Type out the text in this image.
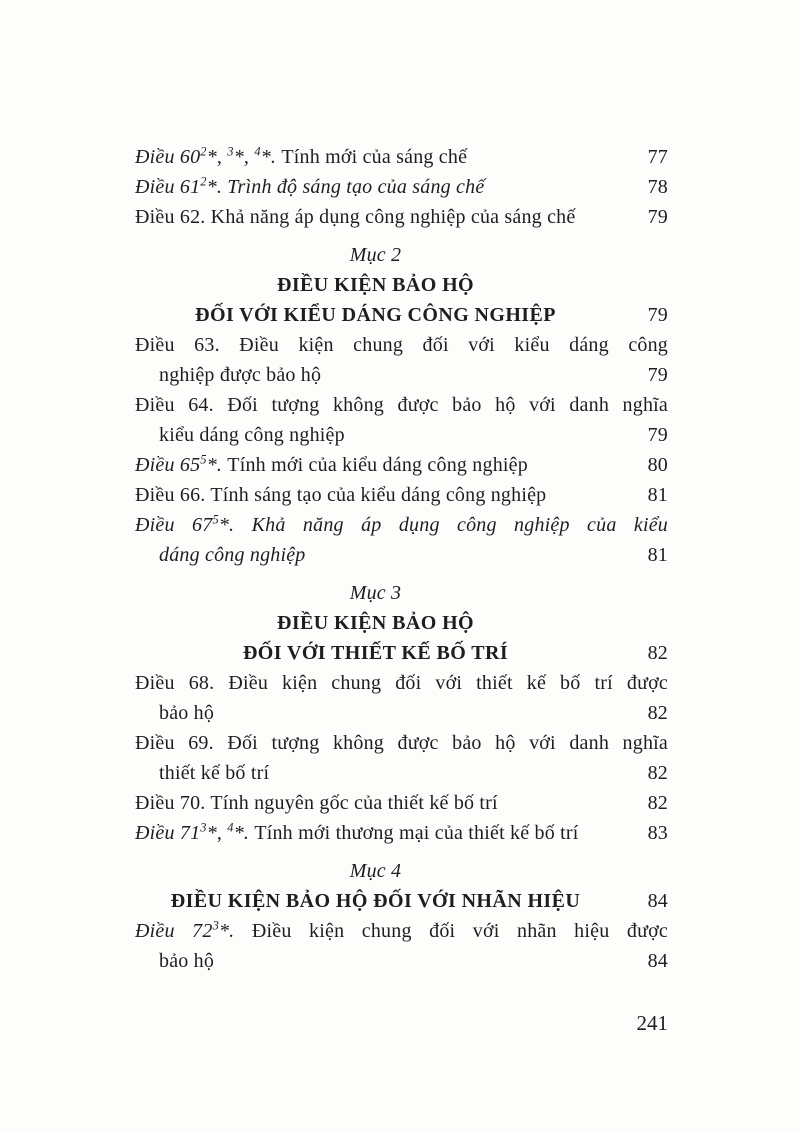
Điều $60^2*$, $^3$*, $^4$*. Tính mới của sáng chế	77
Điều $61^2*$. Trình độ sáng tạo của sáng chế	78
Điều 62. Khả năng áp dụng công nghiệp của sáng chế	79
Mục 2
ĐIỀU KIỆN BẢO HỘ
ĐỐI VỚI KIỂU DÁNG CÔNG NGHIỆP	79
Điều 63. Điều kiện chung đối với kiểu dáng công
nghiệp được bảo hộ	79
Điều 64. Đối tượng không được bảo hộ với danh nghĩa
kiểu dáng công nghiệp	79
Điều $65^5*$. Tính mới của kiểu dáng công nghiệp	80
Điều 66. Tính sáng tạo của kiểu dáng công nghiệp	81
Điều $67^5*$. Khả năng áp dụng công nghiệp của kiểu
dáng công nghiệp	81
Mục 3
ĐIỀU KIỆN BẢO HỘ
ĐỐI VỚI THIẾT KẾ BỐ TRÍ	82
Điều 68. Điều kiện chung đối với thiết kế bố trí được
bảo hộ	82
Điều 69. Đối tượng không được bảo hộ với danh nghĩa
thiết kế bố trí	82
Điều 70. Tính nguyên gốc của thiết kế bố trí	82
Điều $71^3*$, $^4$*. Tính mới thương mại của thiết kế bố trí	83
Mục 4
ĐIỀU KIỆN BẢO HỘ ĐỐI VỚI NHÃN HIỆU	84
Điều $72^3*$. Điều kiện chung đối với nhãn hiệu được
bảo hộ	84
241
